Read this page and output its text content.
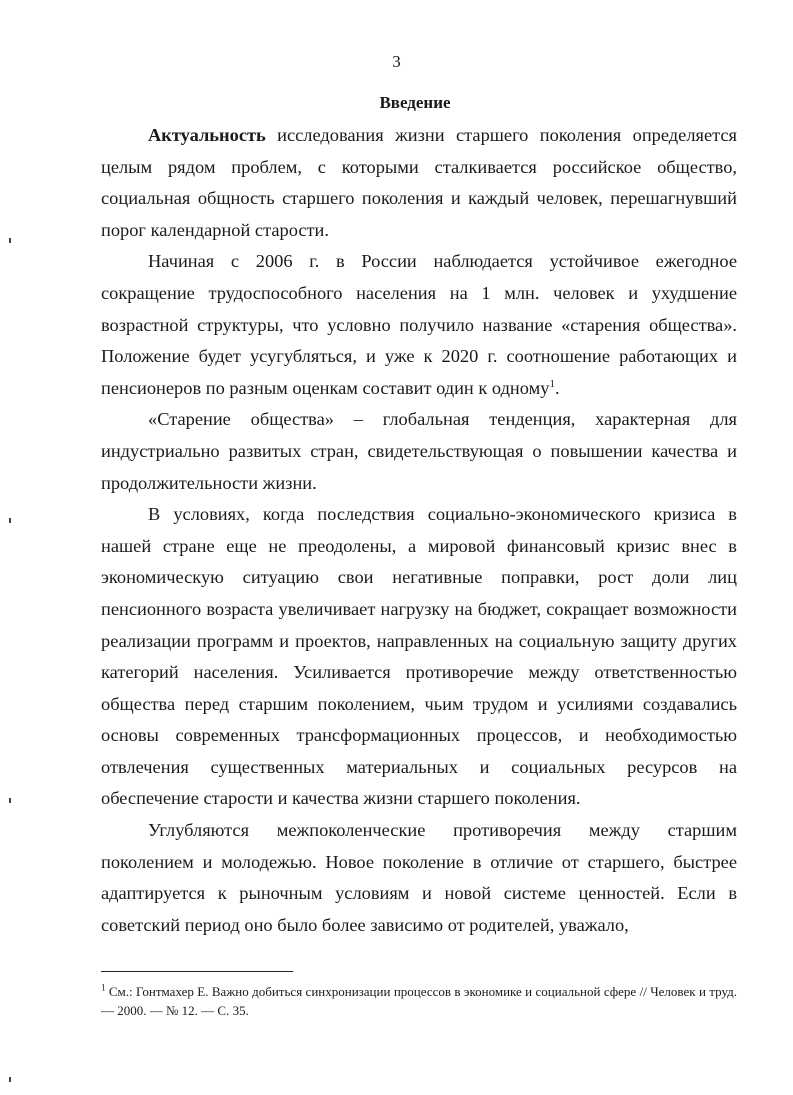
3
Введение

Актуальность исследования жизни старшего поколения определяется целым рядом проблем, с которыми сталкивается российское общество, социальная общность старшего поколения и каждый человек, перешагнувший порог календарной старости.

Начиная с 2006 г. в России наблюдается устойчивое ежегодное сокращение трудоспособного населения на 1 млн. человек и ухудшение возрастной структуры, что условно получило название «старения общества». Положение будет усугубляться, и уже к 2020 г. соотношение работающих и пенсионеров по разным оценкам составит один к одному$^1$.

«Старение общества» – глобальная тенденция, характерная для индустриально развитых стран, свидетельствующая о повышении качества и продолжительности жизни.

В условиях, когда последствия социально-экономического кризиса в нашей стране еще не преодолены, а мировой финансовый кризис внес в экономическую ситуацию свои негативные поправки, рост доли лиц пенсионного возраста увеличивает нагрузку на бюджет, сокращает возможности реализации программ и проектов, направленных на социальную защиту других категорий населения. Усиливается противоречие между ответственностью общества перед старшим поколением, чьим трудом и усилиями создавались основы современных трансформационных процессов, и необходимостью отвлечения существенных материальных и социальных ресурсов на обеспечение старости и качества жизни старшего поколения.

Углубляются межпоколенческие противоречия между старшим поколением и молодежью. Новое поколение в отличие от старшего, быстрее адаптируется к рыночным условиям и новой системе ценностей. Если в советский период оно было более зависимо от родителей, уважало,

$^1$ См.: Гонтмахер Е. Важно добиться синхронизации процессов в экономике и социальной сфере // Человек и труд. — 2000. — № 12. — С. 35.
